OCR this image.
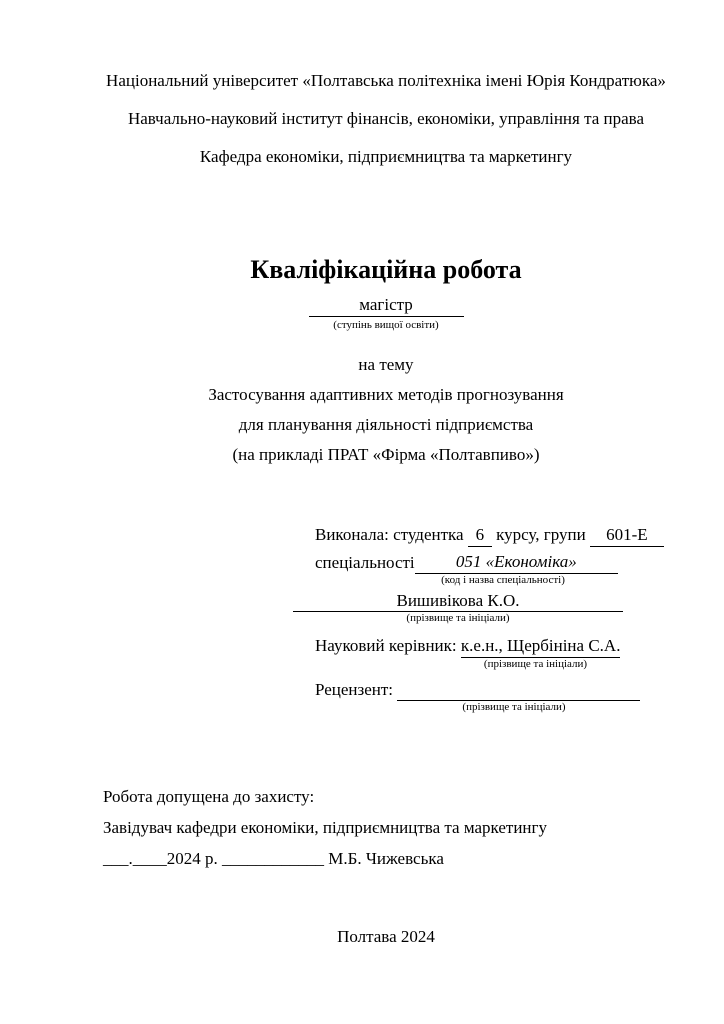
Національний університет «Полтавська політехніка імені Юрія Кондратюка»

Навчально-науковий інститут фінансів, економіки, управління та права

Кафедра економіки, підприємництва та маркетингу

Кваліфікаційна робота
магістр
(ступінь вищої освіти)

на тему

Застосування адаптивних методів прогнозування

для планування діяльності підприємства

(на прикладі ПРАТ «Фірма «Полтавпиво»)

Виконала: студентка 6 курсу, групи 601-Е
спеціальності	051 «Економіка»
(код і назва спеціальності)
Вишивікова К.О.
(прізвище та ініціали)
Науковий керівник: к.е.н., Щербініна С.А.
(прізвище та ініціали)
Рецензент:
(прізвище та ініціали)

Робота допущена до захисту:

Завідувач кафедри економіки, підприємництва та маркетингу

___.____2024 р. ____________ М.Б. Чижевська

Полтава 2024
